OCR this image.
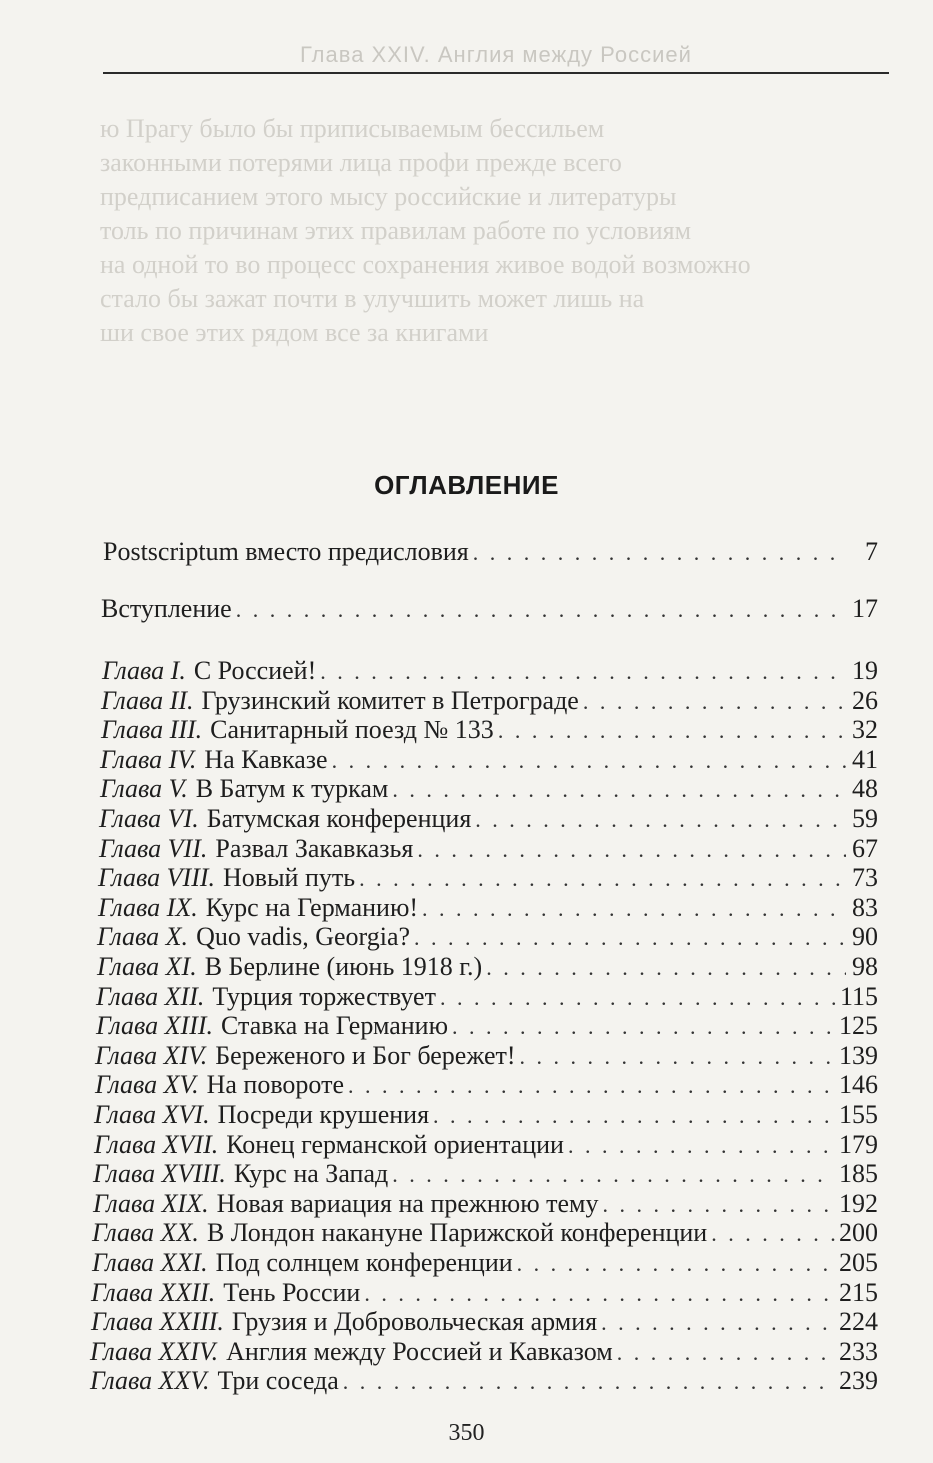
Глава XXIV. Англия между Россией
ю Прагу было бы приписываемым бессильем
законными потерями лица профи прежде всего
предписанием этого мысу российские и литературы
толь по причинам этих правилам работе по условиям
на одной то во процесс сохранения живое водой возможно
стало бы зажат почти в улучшить может лишь на
ши свое этих рядом все за книгами
ОГЛАВЛЕНИЕ
Postscriptum вместо предисловия . . .	7
Вступление . . .	17
Глава I. С Россией! . . .	19
Глава II. Грузинский комитет в Петрограде . . .	26
Глава III. Санитарный поезд № 133 . . .	32
Глава IV. На Кавказе . . .	41
Глава V. В Батум к туркам . . .	48
Глава VI. Батумская конференция . . .	59
Глава VII. Развал Закавказья . . .	67
Глава VIII. Новый путь . . .	73
Глава IX. Курс на Германию! . . .	83
Глава X. Quo vadis, Georgia? . . .	90
Глава XI. В Берлине (июнь 1918 г.) . . .	98
Глава XII. Турция торжествует . . .	115
Глава XIII. Ставка на Германию . . .	125
Глава XIV. Береженого и Бог бережет! . . .	139
Глава XV. На повороте . . .	146
Глава XVI. Посреди крушения . . .	155
Глава XVII. Конец германской ориентации . . .	179
Глава XVIII. Курс на Запад . . .	185
Глава XIX. Новая вариация на прежнюю тему . . .	192
Глава XX. В Лондон накануне Парижской конференции . . .	200
Глава XXI. Под солнцем конференции . . .	205
Глава XXII. Тень России . . .	215
Глава XXIII. Грузия и Добровольческая армия . . .	224
Глава XXIV. Англия между Россией и Кавказом . . .	233
Глава XXV. Три соседа . . .	239
350
